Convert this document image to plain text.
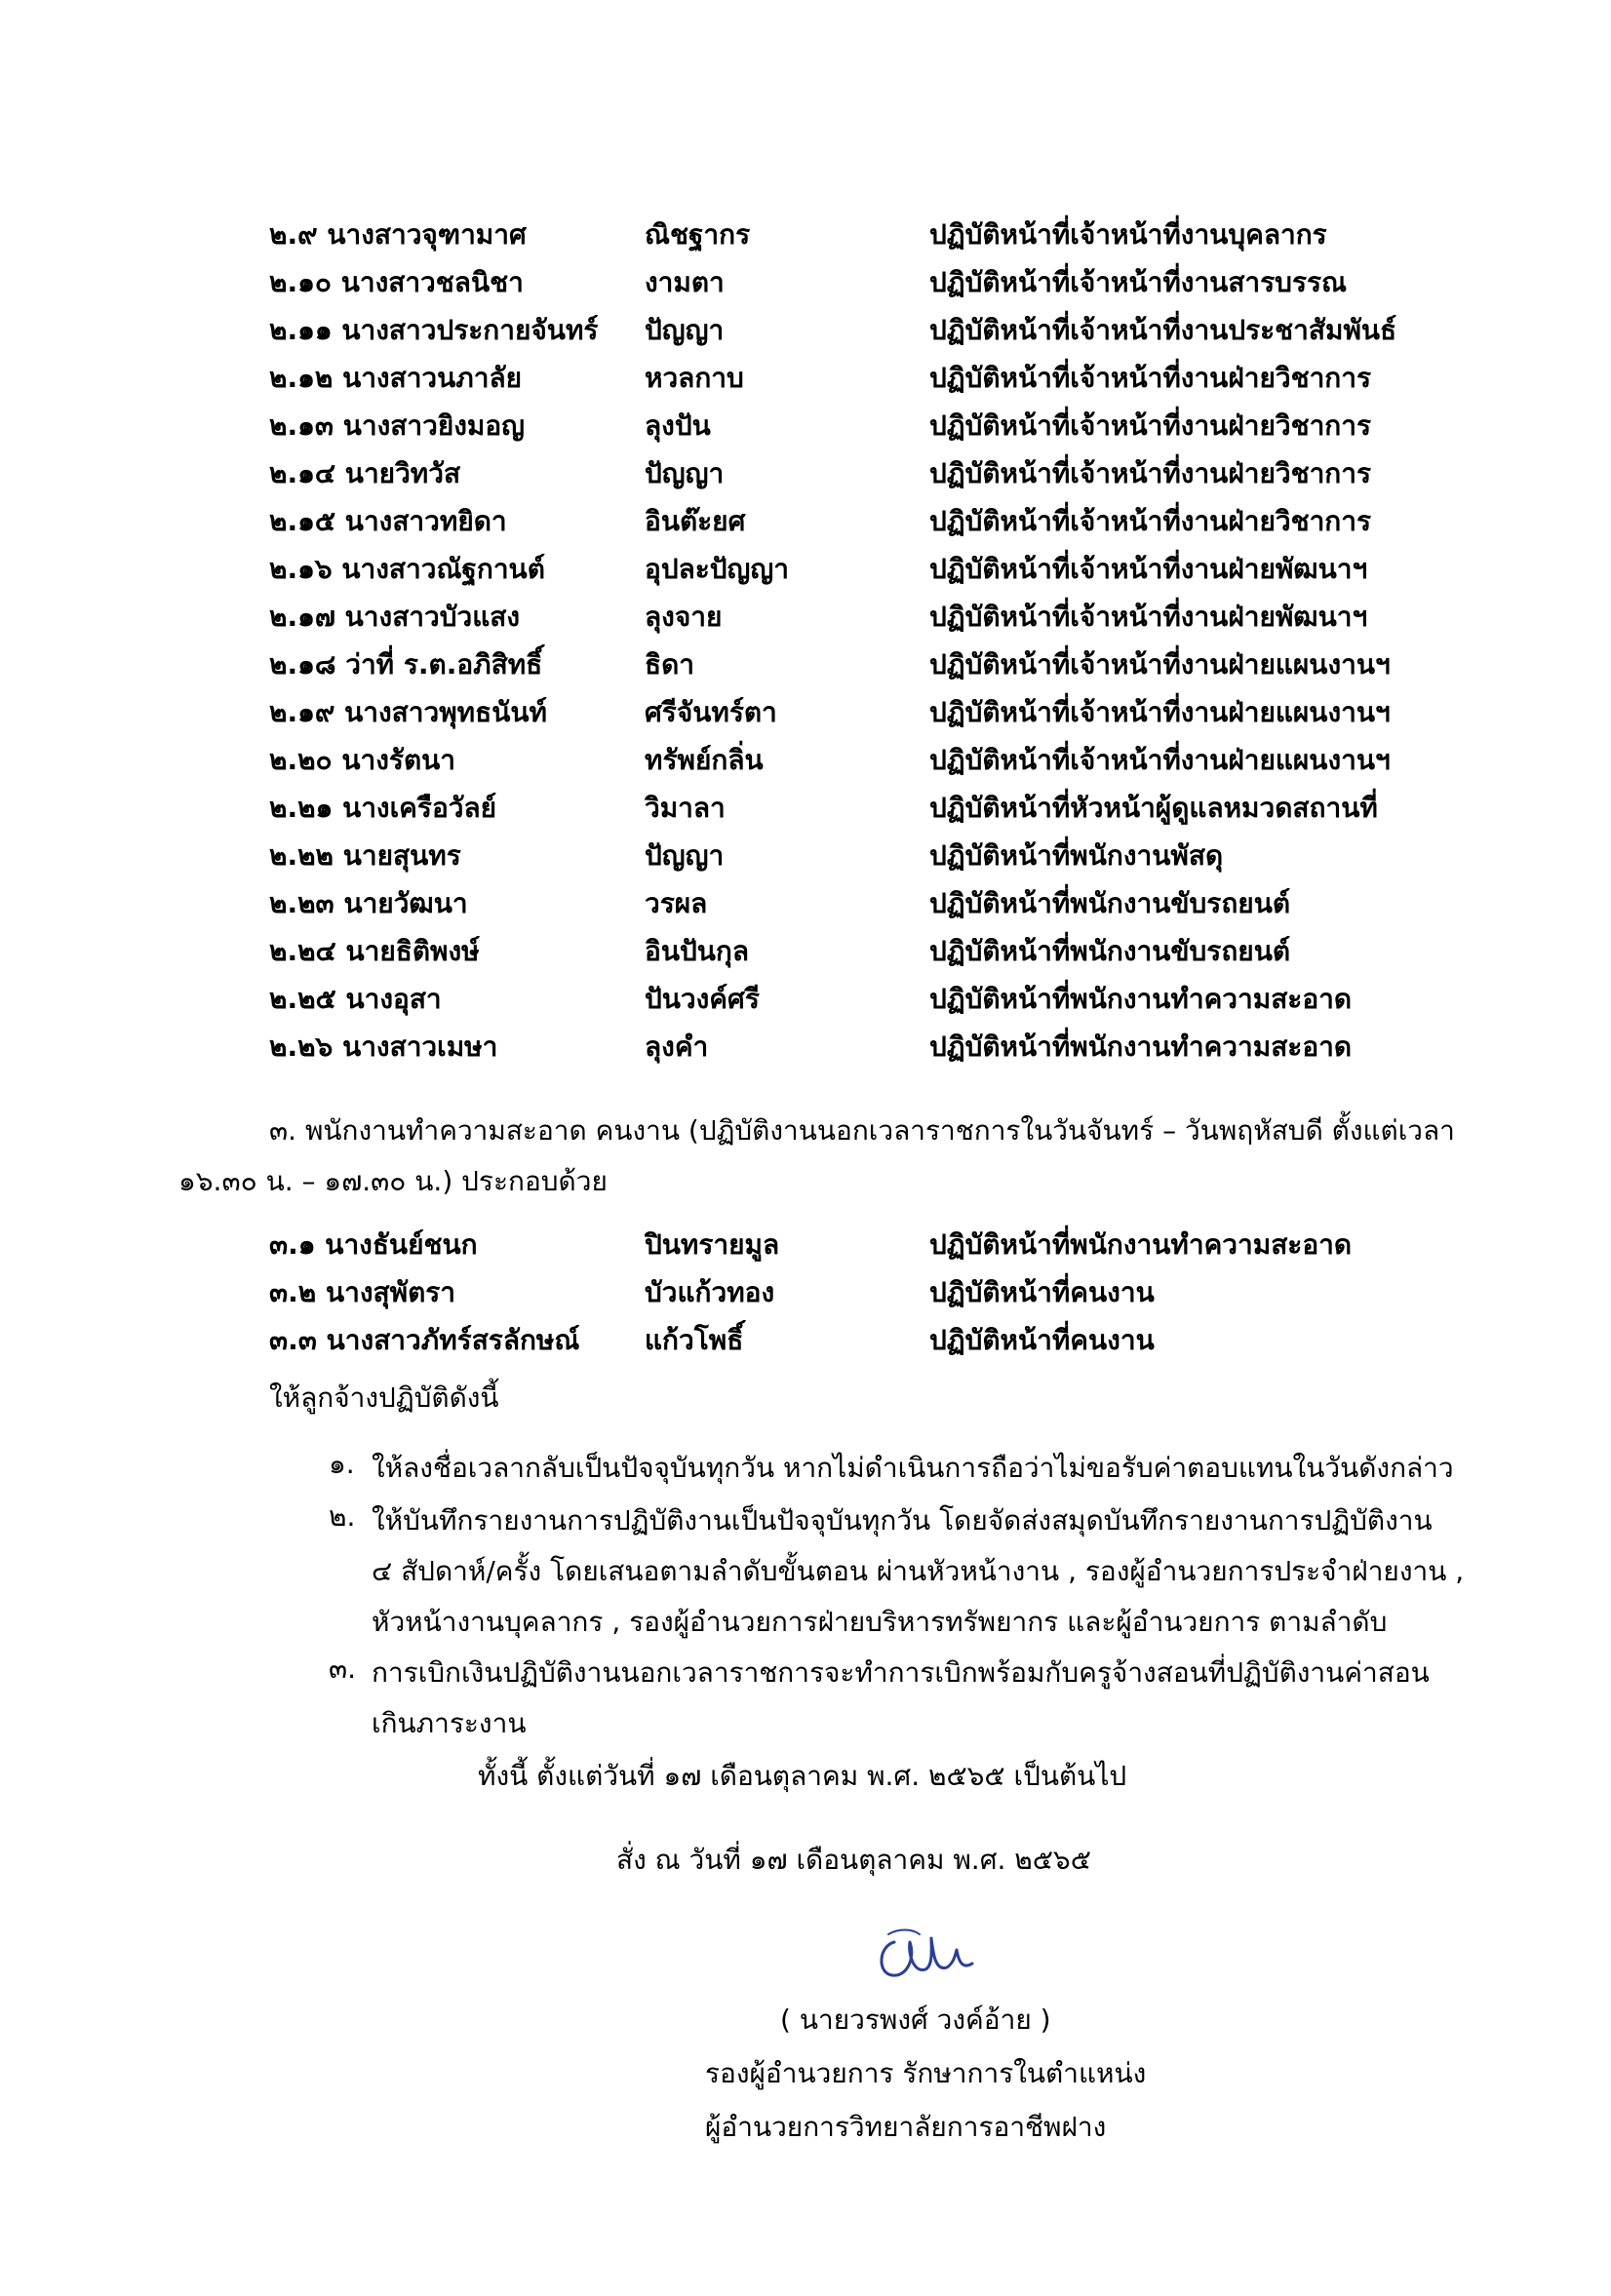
๒.๙ นางสาวจุฑามาศ	ณิชฐากร	ปฏิบัติหน้าที่เจ้าหน้าที่งานบุคลากร
๒.๑๐ นางสาวชลนิชา	งามตา	ปฏิบัติหน้าที่เจ้าหน้าที่งานสารบรรณ
๒.๑๑ นางสาวประกายจันทร์	ปัญญา	ปฏิบัติหน้าที่เจ้าหน้าที่งานประชาสัมพันธ์
๒.๑๒ นางสาวนภาลัย	หวลกาบ	ปฏิบัติหน้าที่เจ้าหน้าที่งานฝ่ายวิชาการ
๒.๑๓ นางสาวยิงมอญ	ลุงปัน	ปฏิบัติหน้าที่เจ้าหน้าที่งานฝ่ายวิชาการ
๒.๑๔ นายวิทวัส	ปัญญา	ปฏิบัติหน้าที่เจ้าหน้าที่งานฝ่ายวิชาการ
๒.๑๕ นางสาวทยิดา	อินต๊ะยศ	ปฏิบัติหน้าที่เจ้าหน้าที่งานฝ่ายวิชาการ
๒.๑๖ นางสาวณัฐกานต์	อุปละปัญญา	ปฏิบัติหน้าที่เจ้าหน้าที่งานฝ่ายพัฒนาฯ
๒.๑๗ นางสาวบัวแสง	ลุงจาย	ปฏิบัติหน้าที่เจ้าหน้าที่งานฝ่ายพัฒนาฯ
๒.๑๘ ว่าที่ ร.ต.อภิสิทธิ์	ธิดา	ปฏิบัติหน้าที่เจ้าหน้าที่งานฝ่ายแผนงานฯ
๒.๑๙ นางสาวพุทธนันท์	ศรีจันทร์ตา	ปฏิบัติหน้าที่เจ้าหน้าที่งานฝ่ายแผนงานฯ
๒.๒๐ นางรัตนา	ทรัพย์กลิ่น	ปฏิบัติหน้าที่เจ้าหน้าที่งานฝ่ายแผนงานฯ
๒.๒๑ นางเครือวัลย์	วิมาลา	ปฏิบัติหน้าที่หัวหน้าผู้ดูแลหมวดสถานที่
๒.๒๒ นายสุนทร	ปัญญา	ปฏิบัติหน้าที่พนักงานพัสดุ
๒.๒๓ นายวัฒนา	วรผล	ปฏิบัติหน้าที่พนักงานขับรถยนต์
๒.๒๔ นายธิติพงษ์	อินปันกุล	ปฏิบัติหน้าที่พนักงานขับรถยนต์
๒.๒๕ นางอุสา	ปันวงค์ศรี	ปฏิบัติหน้าที่พนักงานทำความสะอาด
๒.๒๖ นางสาวเมษา	ลุงคำ	ปฏิบัติหน้าที่พนักงานทำความสะอาด
๓. พนักงานทำความสะอาด คนงาน (ปฏิบัติงานนอกเวลาราชการในวันจันทร์ – วันพฤหัสบดี ตั้งแต่เวลา
๑๖.๓๐ น. – ๑๗.๓๐ น.) ประกอบด้วย
๓.๑ นางธันย์ชนก	ปินทรายมูล	ปฏิบัติหน้าที่พนักงานทำความสะอาด
๓.๒ นางสุพัตรา	บัวแก้วทอง	ปฏิบัติหน้าที่คนงาน
๓.๓ นางสาวภัทร์สรลักษณ์	แก้วโพธิ์	ปฏิบัติหน้าที่คนงาน
ให้ลูกจ้างปฏิบัติดังนี้
๑. ให้ลงชื่อเวลากลับเป็นปัจจุบันทุกวัน หากไม่ดำเนินการถือว่าไม่ขอรับค่าตอบแทนในวันดังกล่าว
๒. ให้บันทึกรายงานการปฏิบัติงานเป็นปัจจุบันทุกวัน โดยจัดส่งสมุดบันทึกรายงานการปฏิบัติงาน
๔ สัปดาห์/ครั้ง โดยเสนอตามลำดับขั้นตอน ผ่านหัวหน้างาน , รองผู้อำนวยการประจำฝ่ายงาน ,
หัวหน้างานบุคลากร , รองผู้อำนวยการฝ่ายบริหารทรัพยากร และผู้อำนวยการ ตามลำดับ
๓. การเบิกเงินปฏิบัติงานนอกเวลาราชการจะทำการเบิกพร้อมกับครูจ้างสอนที่ปฏิบัติงานค่าสอน
เกินภาระงาน
ทั้งนี้ ตั้งแต่วันที่ ๑๗ เดือนตุลาคม พ.ศ. ๒๕๖๕ เป็นต้นไป
สั่ง ณ วันที่ ๑๗ เดือนตุลาคม พ.ศ. ๒๕๖๕
( นายวรพงศ์ วงค์อ้าย )
รองผู้อำนวยการ รักษาการในตำแหน่ง
ผู้อำนวยการวิทยาลัยการอาชีพฝาง
